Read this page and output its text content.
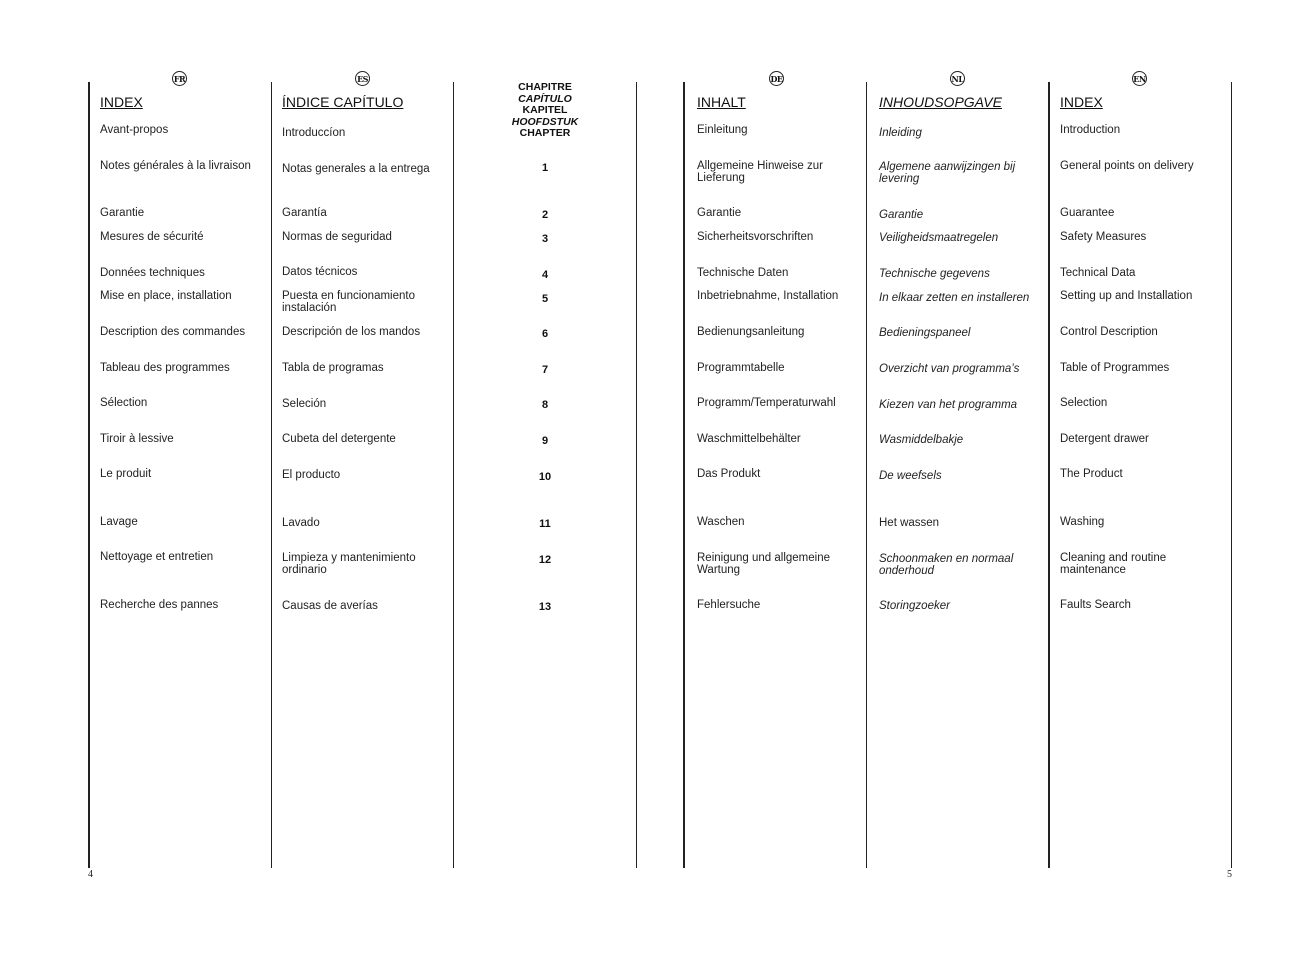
FR
INDEX
Avant-propos
Notes générales à la livraison
Garantie
Mesures de sécurité
Données techniques
Mise en place, installation
Description des commandes
Tableau des programmes
Sélection
Tiroir à lessive
Le produit
Lavage
Nettoyage et entretien
Recherche des pannes
ES
ÍNDICE CAPÍTULO
Introduccíon
Notas generales a la entrega
Garantía
Normas de seguridad
Datos técnicos
Puesta en funcionamiento instalación
Descripción de los mandos
Tabla de programas
Seleción
Cubeta del detergente
El producto
Lavado
Limpieza y mantenimiento ordinario
Causas de averías
CHAPITRE
CAPÍTULO
KAPITEL
HOOFDSTUK
CHAPTER
1
2
3
4
5
6
7
8
9
10
11
12
13
DE
INHALT
Einleitung
Allgemeine Hinweise zur Lieferung
Garantie
Sicherheitsvorschriften
Technische Daten
Inbetriebnahme, Installation
Bedienungsanleitung
Programmtabelle
Programm/Temperaturwahl
Waschmittelbehälter
Das Produkt
Waschen
Reinigung und allgemeine Wartung
Fehlersuche
NL
INHOUDSOPGAVE
Inleiding
Algemene aanwijzingen bij levering
Garantie
Veiligheidsmaatregelen
Technische gegevens
In elkaar zetten en installeren
Bedieningspaneel
Overzicht van programma’s
Kiezen van het programma
Wasmiddelbakje
De weefsels
Het wassen
Schoonmaken en normaal onderhoud
Storingzoeker
EN
INDEX
Introduction
General points on delivery
Guarantee
Safety Measures
Technical Data
Setting up and Installation
Control Description
Table of Programmes
Selection
Detergent drawer
The Product
Washing
Cleaning and routine maintenance
Faults Search
4	5
